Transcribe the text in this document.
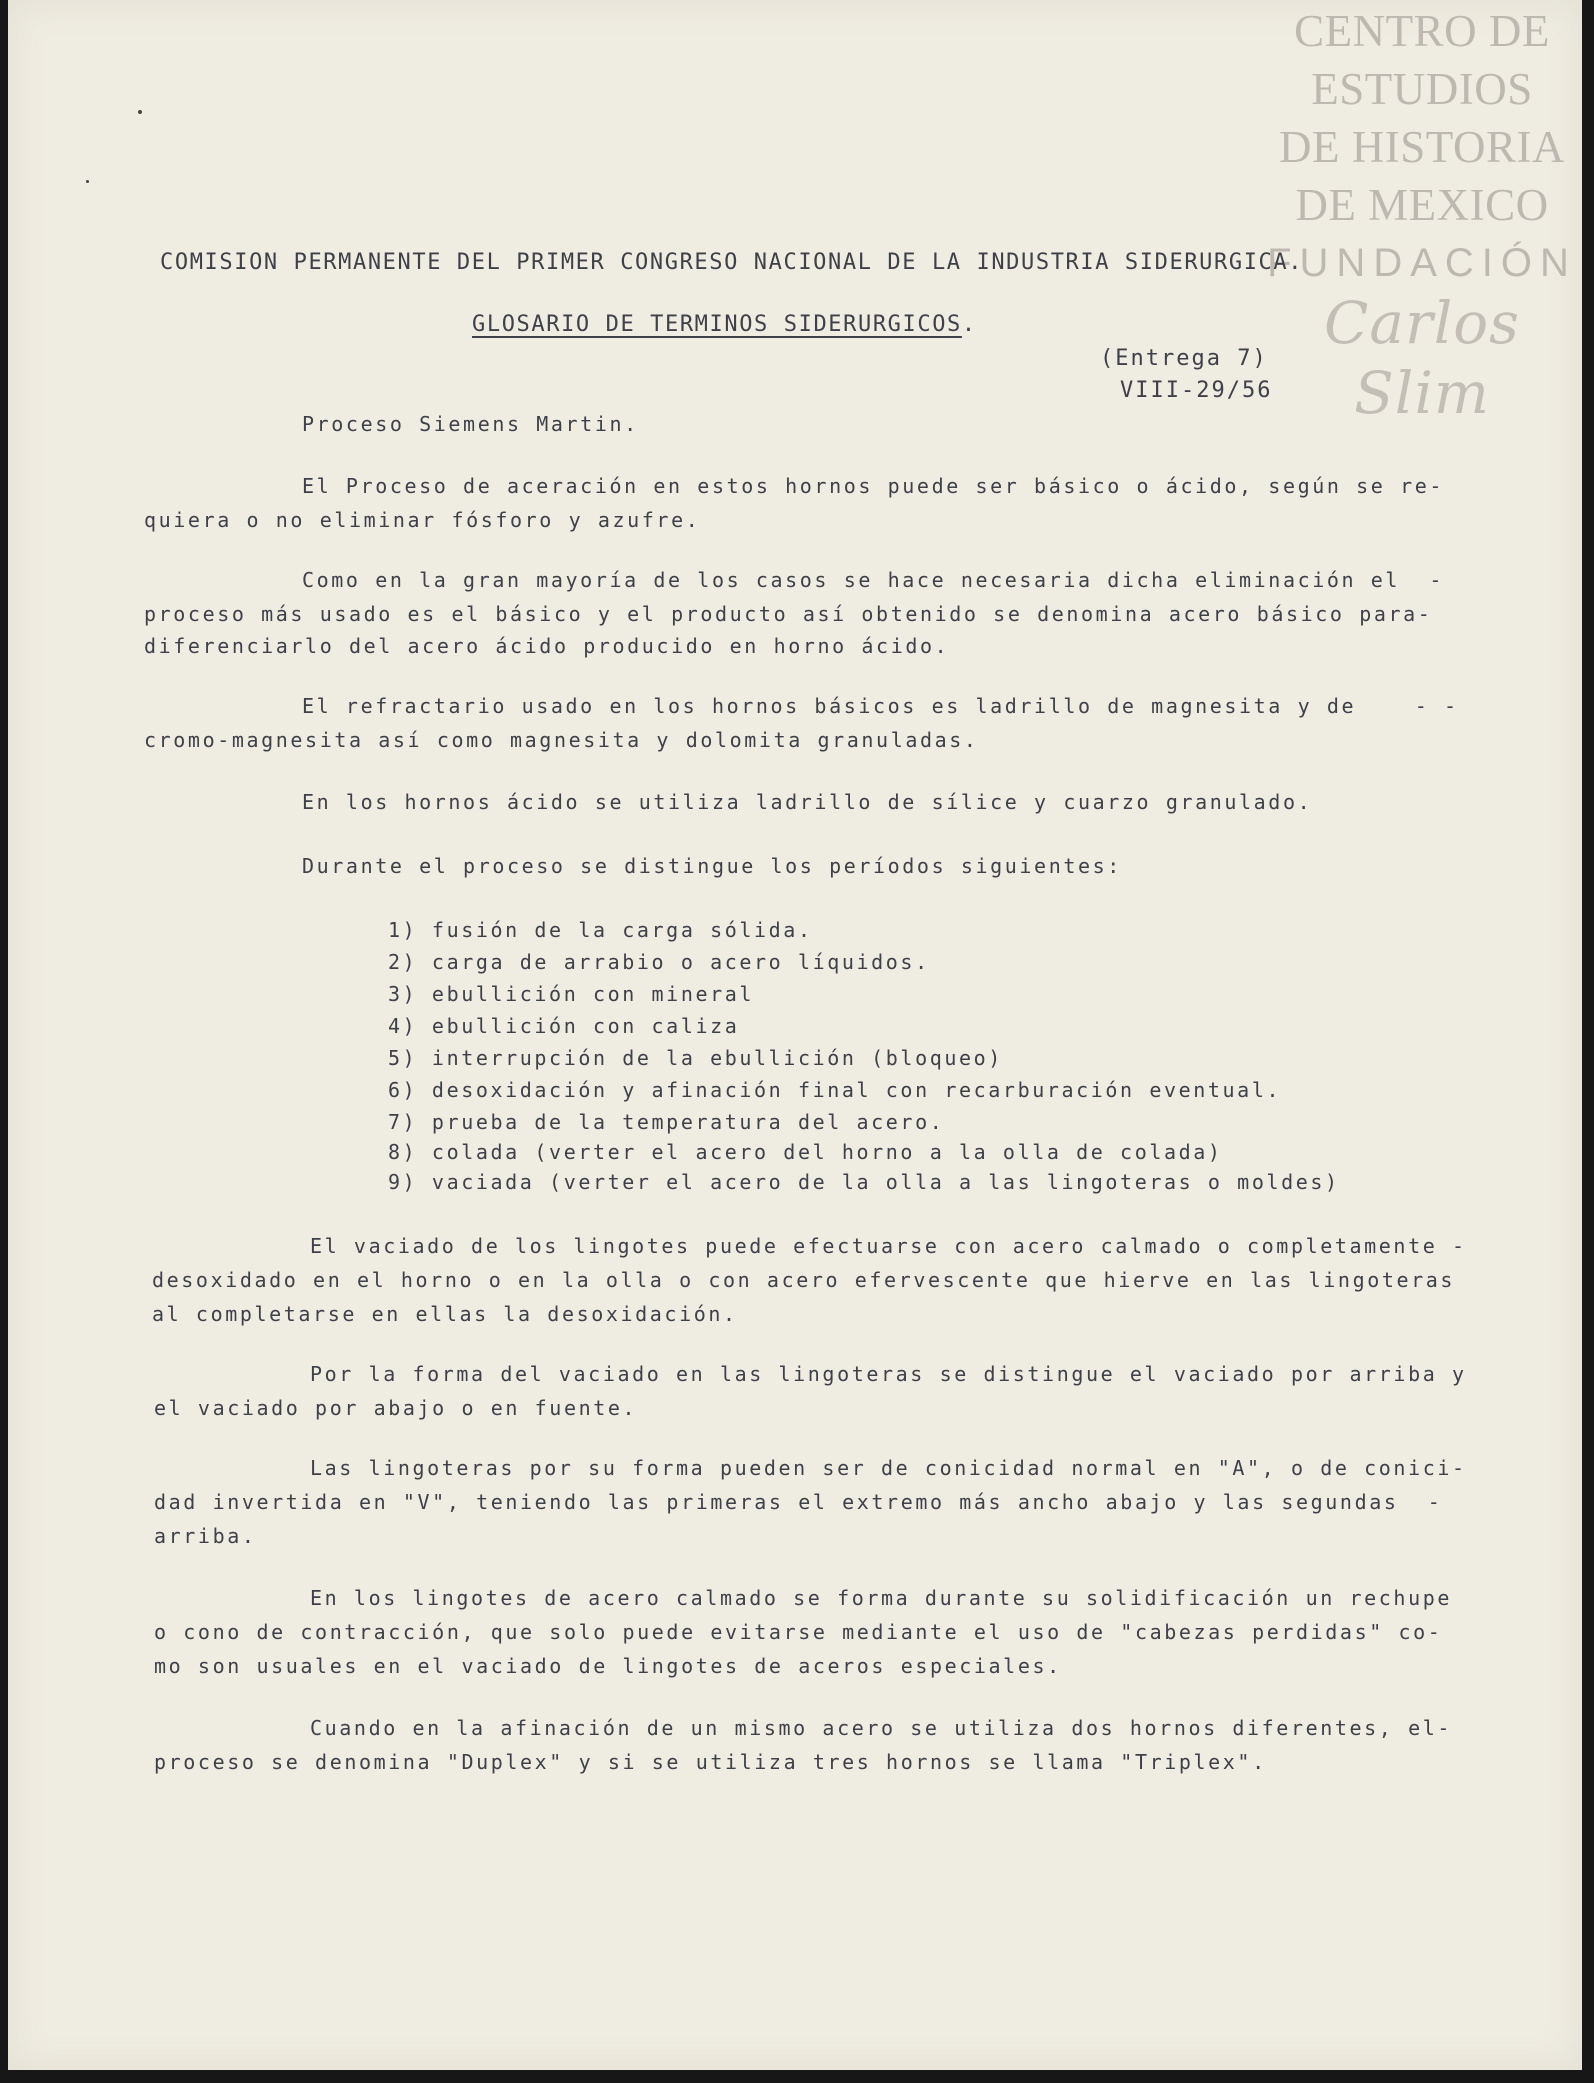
CENTRO DE
ESTUDIOS
DE HISTORIA
DE MEXICO
FUNDACIÓN
Carlos Slim
COMISION PERMANENTE DEL PRIMER CONGRESO NACIONAL DE LA INDUSTRIA SIDERURGICA.
GLOSARIO DE TERMINOS SIDERURGICOS.
(Entrega 7)
VIII-29/56
Proceso Siemens Martin.
El Proceso de aceración en estos hornos puede ser básico o ácido, según se re-
quiera o no eliminar fósforo y azufre.
Como en la gran mayoría de los casos se hace necesaria dicha eliminación el  -
proceso más usado es el básico y el producto así obtenido se denomina acero básico para-
diferenciarlo del acero ácido producido en horno ácido.
El refractario usado en los hornos básicos es ladrillo de magnesita y de    - -
cromo-magnesita así como magnesita y dolomita granuladas.
En los hornos ácido se utiliza ladrillo de sílice y cuarzo granulado.
Durante el proceso se distingue los períodos siguientes:
1) fusión de la carga sólida.
2) carga de arrabio o acero líquidos.
3) ebullición con mineral
4) ebullición con caliza
5) interrupción de la ebullición (bloqueo)
6) desoxidación y afinación final con recarburación eventual.
7) prueba de la temperatura del acero.
8) colada (verter el acero del horno a la olla de colada)
9) vaciada (verter el acero de la olla a las lingoteras o moldes)
El vaciado de los lingotes puede efectuarse con acero calmado o completamente -
desoxidado en el horno o en la olla o con acero efervescente que hierve en las lingoteras
al completarse en ellas la desoxidación.
Por la forma del vaciado en las lingoteras se distingue el vaciado por arriba y
el vaciado por abajo o en fuente.
Las lingoteras por su forma pueden ser de conicidad normal en "A", o de conici-
dad invertida en "V", teniendo las primeras el extremo más ancho abajo y las segundas  -
arriba.
En los lingotes de acero calmado se forma durante su solidificación un rechupe
o cono de contracción, que solo puede evitarse mediante el uso de "cabezas perdidas" co-
mo son usuales en el vaciado de lingotes de aceros especiales.
Cuando en la afinación de un mismo acero se utiliza dos hornos diferentes, el-
proceso se denomina "Duplex" y si se utiliza tres hornos se llama "Triplex".
